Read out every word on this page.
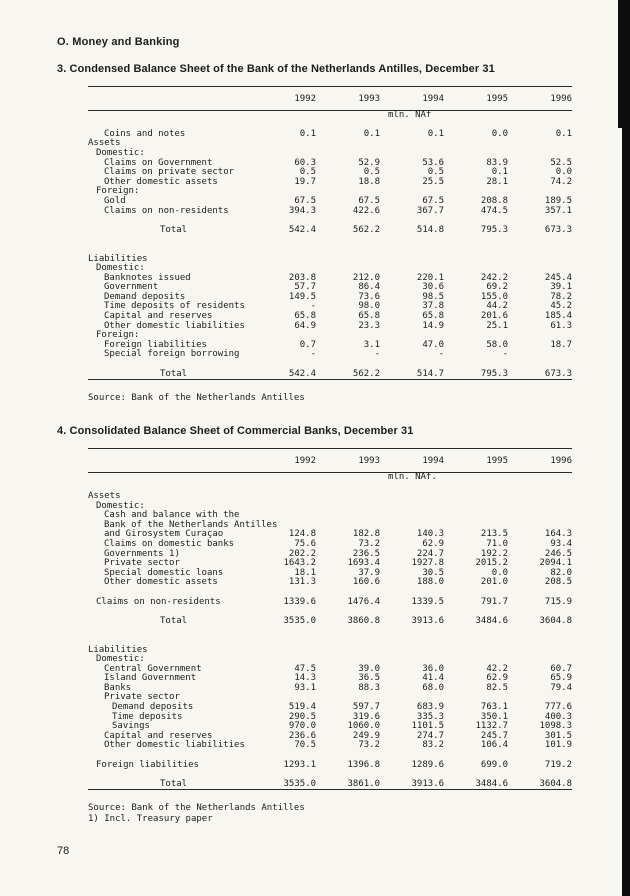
O. Money and Banking
3. Condensed Balance Sheet of the Bank of the Netherlands Antilles, December 31
1992	1993	1994	1995	1996
mln. NAf

Coins and notes	0.1	0.1	0.1	0.0	0.1
Assets
Domestic:
Claims on Government	60.3	52.9	53.6	83.9	52.5
Claims on private sector	0.5	0.5	0.5	0.1	0.0
Other domestic assets	19.7	18.8	25.5	28.1	74.2
Foreign:
Gold	67.5	67.5	67.5	208.8	189.5
Claims on non-residents	394.3	422.6	367.7	474.5	357.1

Total	542.4	562.2	514.8	795.3	673.3

Liabilities
Domestic:
Banknotes issued	203.8	212.0	220.1	242.2	245.4
Government	57.7	86.4	30.6	69.2	39.1
Demand deposits	149.5	73.6	98.5	155.0	78.2
Time deposits of residents	-	98.0	37.8	44.2	45.2
Capital and reserves	65.8	65.8	65.8	201.6	185.4
Other domestic liabilities	64.9	23.3	14.9	25.1	61.3
Foreign:
Foreign liabilities	0.7	3.1	47.0	58.0	18.7
Special foreign borrowing	-	-	-	-

Total	542.4	562.2	514.7	795.3	673.3
Source: Bank of the Netherlands Antilles
4. Consolidated Balance Sheet of Commercial Banks, December 31
1992	1993	1994	1995	1996
mln. NAf.

Assets
Domestic:
Cash and balance with the
Bank of the Netherlands Antilles
and Girosystem Curaçao	124.8	182.8	140.3	213.5	164.3
Claims on domestic banks	75.6	73.2	62.9	71.0	93.4
Governments 1)	202.2	236.5	224.7	192.2	246.5
Private sector	1643.2	1693.4	1927.8	2015.2	2094.1
Special domestic loans	18.1	37.9	30.5	0.0	82.0
Other domestic assets	131.3	160.6	188.0	201.0	208.5

Claims on non-residents	1339.6	1476.4	1339.5	791.7	715.9

Total	3535.0	3860.8	3913.6	3484.6	3604.8

Liabilities
Domestic:
Central Government	47.5	39.0	36.0	42.2	60.7
Island Government	14.3	36.5	41.4	62.9	65.9
Banks	93.1	88.3	68.0	82.5	79.4
Private sector
Demand deposits	519.4	597.7	683.9	763.1	777.6
Time deposits	290.5	319.6	335.3	350.1	400.3
Savings	970.0	1060.0	1101.5	1132.7	1098.3
Capital and reserves	236.6	249.9	274.7	245.7	301.5
Other domestic liabilities	70.5	73.2	83.2	106.4	101.9

Foreign liabilities	1293.1	1396.8	1289.6	699.0	719.2

Total	3535.0	3861.0	3913.6	3484.6	3604.8
Source: Bank of the Netherlands Antilles
1) Incl. Treasury paper
78
